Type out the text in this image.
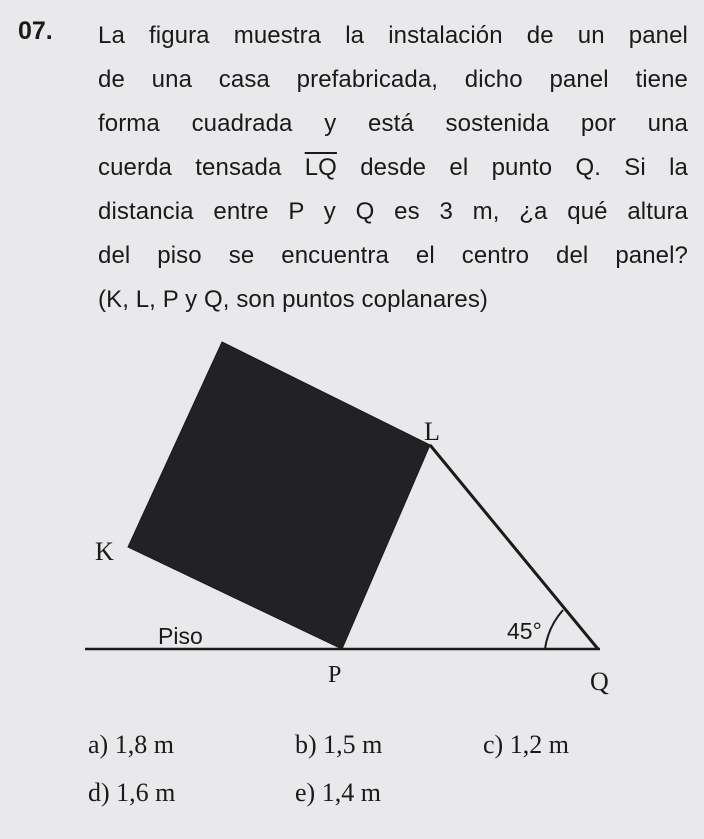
07. La figura muestra la instalación de un panel
de una casa prefabricada, dicho panel tiene
forma cuadrada y está sostenida por una
cuerda tensada $\overline{LQ}$ desde el punto Q. Si la
distancia entre P y Q es 3 m, ¿a qué altura
del piso se encuentra el centro del panel?
(K, L, P y Q, son puntos coplanares)
L
K
Piso	45°
P	Q
a) 1,8 m	b) 1,5 m	c) 1,2 m
d) 1,6 m	e) 1,4 m
